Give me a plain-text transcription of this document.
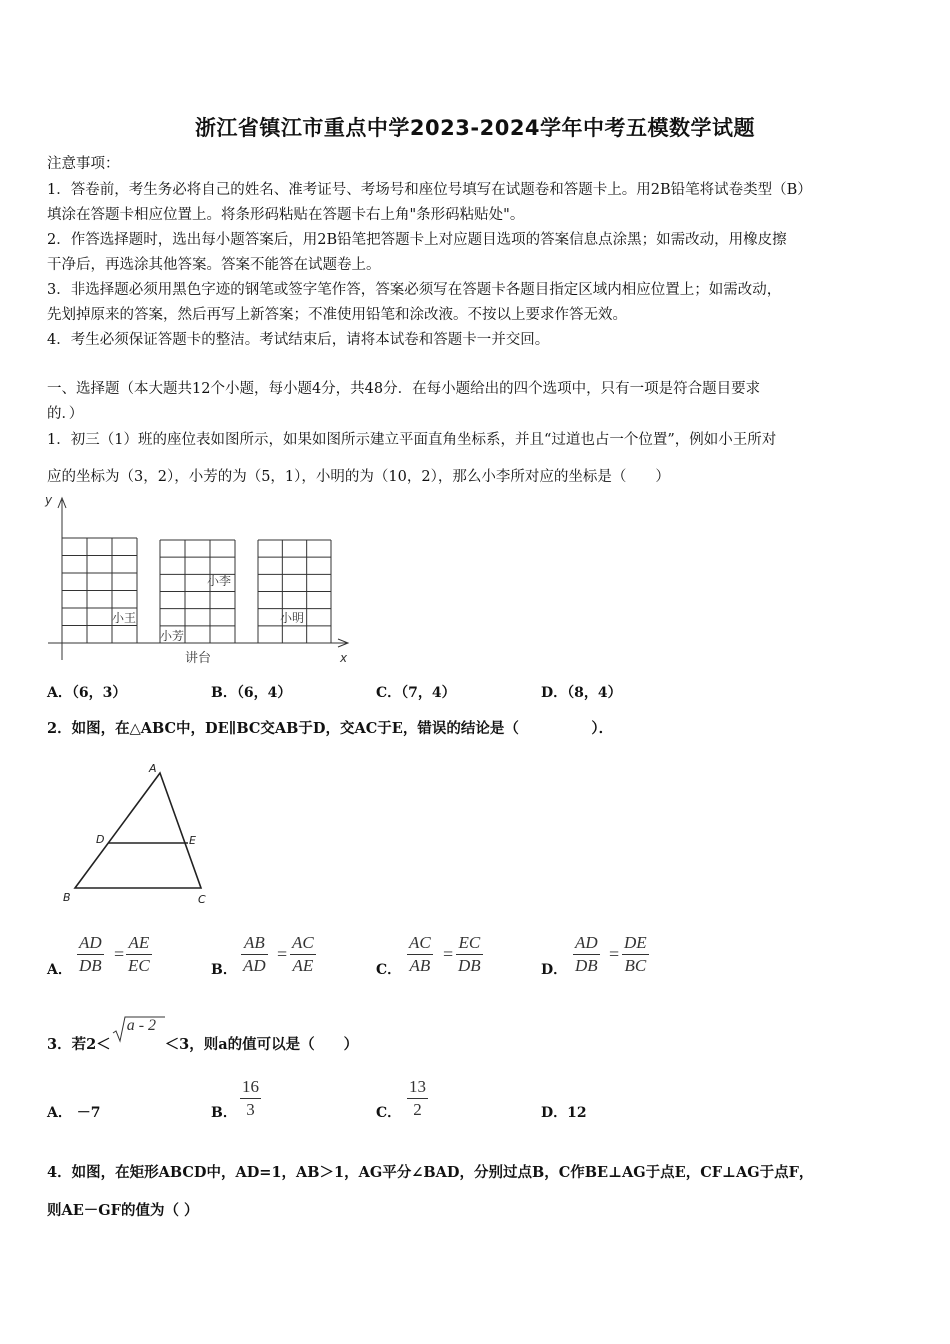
浙江省镇江市重点中学2023-2024学年中考五模数学试题
注意事项：
1．答卷前，考生务必将自己的姓名、准考证号、考场号和座位号填写在试题卷和答题卡上。用2B铅笔将试卷类型（B）
填涂在答题卡相应位置上。将条形码粘贴在答题卡右上角"条形码粘贴处"。
2．作答选择题时，选出每小题答案后，用2B铅笔把答题卡上对应题目选项的答案信息点涂黑；如需改动，用橡皮擦
干净后，再选涂其他答案。答案不能答在试题卷上。
3．非选择题必须用黑色字迹的钢笔或签字笔作答，答案必须写在答题卡各题目指定区域内相应位置上；如需改动，
先划掉原来的答案，然后再写上新答案；不准使用铅笔和涂改液。不按以上要求作答无效。
4．考生必须保证答题卡的整洁。考试结束后，请将本试卷和答题卡一并交回。
一、选择题（本大题共12个小题，每小题4分，共48分．在每小题给出的四个选项中，只有一项是符合题目要求
的．）
1．初三（1）班的座位表如图所示，如果如图所示建立平面直角坐标系，并且“过道也占一个位置”，例如小王所对
应的坐标为（3，2），小芳的为（5，1），小明的为（10，2），那么小李所对应的坐标是（　　）
y
x
小李
小王
小芳
小明
讲台
A．（6，3）	B．（6，4）	C．（7，4）	D．（8，4）
2．如图，在△ABC中，DE∥BC交AB于D，交AC于E，错误的结论是（　　　　　）．
A
D	E
B	C
A． $\frac{AD}{DB} = \frac{AE}{EC}$	B． $\frac{AB}{AD} = \frac{AC}{AE}$	C． $\frac{AC}{AB} = \frac{EC}{DB}$	D． $\frac{AD}{DB} = \frac{DE}{BC}$
3．若2＜
a - 2
＜3，则a的值可以是（　　）
A． －7	B． $\frac{16}{3}$	C． $\frac{13}{2}$	D．12
4．如图，在矩形ABCD中，AD=1，AB＞1，AG平分∠BAD，分别过点B，C作BE⊥AG于点E，CF⊥AG于点F，
则AE－GF的值为（ ）
